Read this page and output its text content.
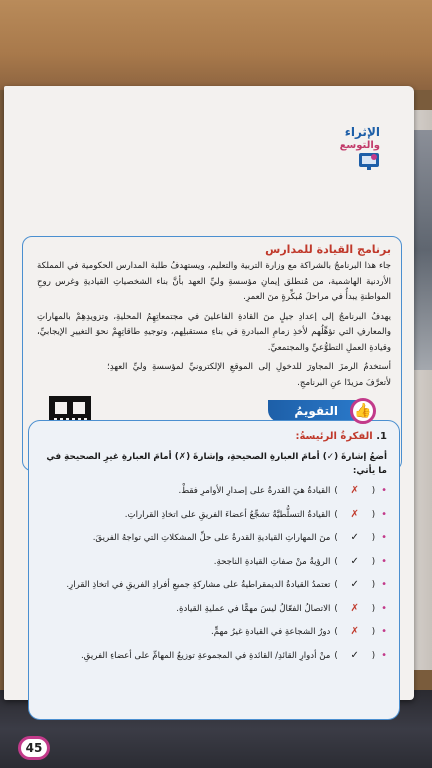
الإثراء
والتوسع
برنامج القيادة للمدارس

جاء هذا البرنامجُ بالشراكة مع وزارة التربية والتعليم، ويستهدفُ طلبة المدارس الحكومية في المملكة الأردنية الهاشمية، من مُنطلق إيمانِ مؤسسةِ وليِّ العهد بأنَّ بناء الشخصياتِ القياديةِ وغرس روحِ المواطنةِ يبدأُ في مراحلَ مُبكِّرةٍ منَ العمرِ.

يهدفُ البرنامجُ إلى إعدادِ جيلٍ منَ القادةِ الفاعلينَ في مجتمعاتِهِمُ المحليةِ، وتزويدِهِمْ بالمهاراتِ والمعارفِ التي تؤهِّلُهم لأخذِ زمامِ المبادرةِ في بناءِ مستقبلِهم، وتوجيهِ طاقاتِهِمْ نحوَ التغييرِ الإيجابيِّ، وقيادةِ العملِ التطوُّعيِّ والمجتمعيِّ.

أستخدمُ الرمزَ المجاورَ للدخولِ إلى الموقعِ الإلكترونيِّ لمؤسسةِ وليِّ العهدِ؛ لأتعرَّفَ مزيدًا عنِ البرنامجِ.

👍
التقويمُ
1. الفكرةُ الرئيسةُ:
أضعُ إشارةَ (✓) أمامَ العبارةِ الصحيحةِ، وإشارةَ (✗) أمامَ العبارةِ غيرِ الصحيحةِ في ما يأتي:
•
(
✗
)
القيادةُ هيَ القدرةُ على إصدارِ الأوامرِ فقطْ.
•
(
✗
)
القيادةُ التسلُّطيَّةُ تشجِّعُ أعضاءَ الفريقِ على اتخاذِ القراراتِ.
•
(
✓
)
منَ المهاراتِ القياديةِ القدرةُ على حلِّ المشكلاتِ التي تواجهُ الفريقَ.
•
(
✓
)
الرؤيةُ منْ صفاتِ القيادةِ الناجحةِ.
•
(
✓
)
تعتمدُ القيادةُ الديمقراطيةُ على مشاركةِ جميعِ أفرادِ الفريقِ في اتخاذِ القرارِ.
•
(
✗
)
الاتصالُ الفعّالُ ليسَ مهمًّا في عمليةِ القيادةِ.
•
(
✗
)
دورُ الشجاعةِ في القيادةِ غيرُ مهمٍّ.
•
(
✓
)
منْ أدوارِ القائدِ/ القائدةِ في المجموعةِ توزيعُ المهامِّ على أعضاءِ الفريقِ.
45
